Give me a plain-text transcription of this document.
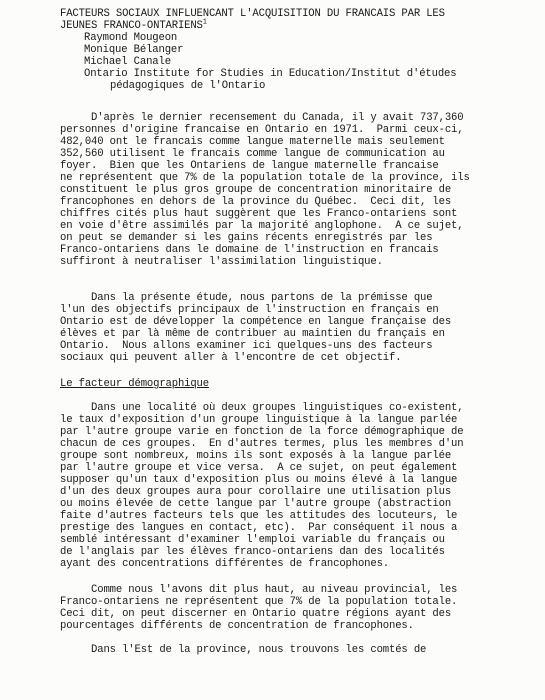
FACTEURS SOCIAUX INFLUENCANT L'ACQUISITION DU FRANCAIS PAR LES
JEUNES FRANCO-ONTARIENS$^1$
Raymond Mougeon
Monique Bélanger
Michael Canale
Ontario Institute for Studies in Education/Institut d'études
pédagogiques de l'Ontario
D'après le dernier recensement du Canada, il y avait 737,360
personnes d'origine francaise en Ontario en 1971.  Parmi ceux-ci,
482,040 ont le francais comme langue maternelle mais seulement
352,560 utilisent le francais comme langue de communication au
foyer.  Bien que les Ontariens de langue maternelle francaise
ne représentent que 7% de la population totale de la province, ils
constituent le plus gros groupe de concentration minoritaire de
francophones en dehors de la province du Québec.  Ceci dit, les
chiffres cités plus haut suggèrent que les Franco-ontariens sont
en voie d'être assimilés par la majorité anglophone.  A ce sujet,
on peut se demander si les gains récents enregistrés par les
Franco-ontariens dans le domaine de l'instruction en francais
suffiront à neutraliser l'assimilation linguistique.
Dans la présente étude, nous partons de la prémisse que
l'un des objectifs principaux de l'instruction en français en
Ontario est de développer la compétence en langue française des
élèves et par là même de contribuer au maintien du français en
Ontario.  Nous allons examiner ici quelques-uns des facteurs
sociaux qui peuvent aller à l'encontre de cet objectif.
Le facteur démographique
Dans une localité où deux groupes linguistiques co-existent,
le taux d'exposition d'un groupe linguistique à la langue parlée
par l'autre groupe varie en fonction de la force démographique de
chacun de ces groupes.  En d'autres termes, plus les membres d'un
groupe sont nombreux, moins ils sont exposés à la langue parlée
par l'autre groupe et vice versa.  A ce sujet, on peut également
supposer qu'un taux d'exposition plus ou moins élevé à la langue
d'un des deux groupes aura pour corollaire une utilisation plus
ou moins élevée de cette langue par l'autre groupe (abstraction
faite d'autres facteurs tels que les attitudes des locuteurs, le
prestige des langues en contact, etc).  Par conséquent il nous a
semblé intéressant d'examiner l'emploi variable du français ou
de l'anglais par les élèves franco-ontariens dan des localités
ayant des concentrations différentes de francophones.
Comme nous l'avons dit plus haut, au niveau provincial, les
Franco-ontariens ne représentent que 7% de la population totale.
Ceci dit, on peut discerner en Ontario quatre régions ayant des
pourcentages différents de concentration de francophones.
Dans l'Est de la province, nous trouvons les comtés de
